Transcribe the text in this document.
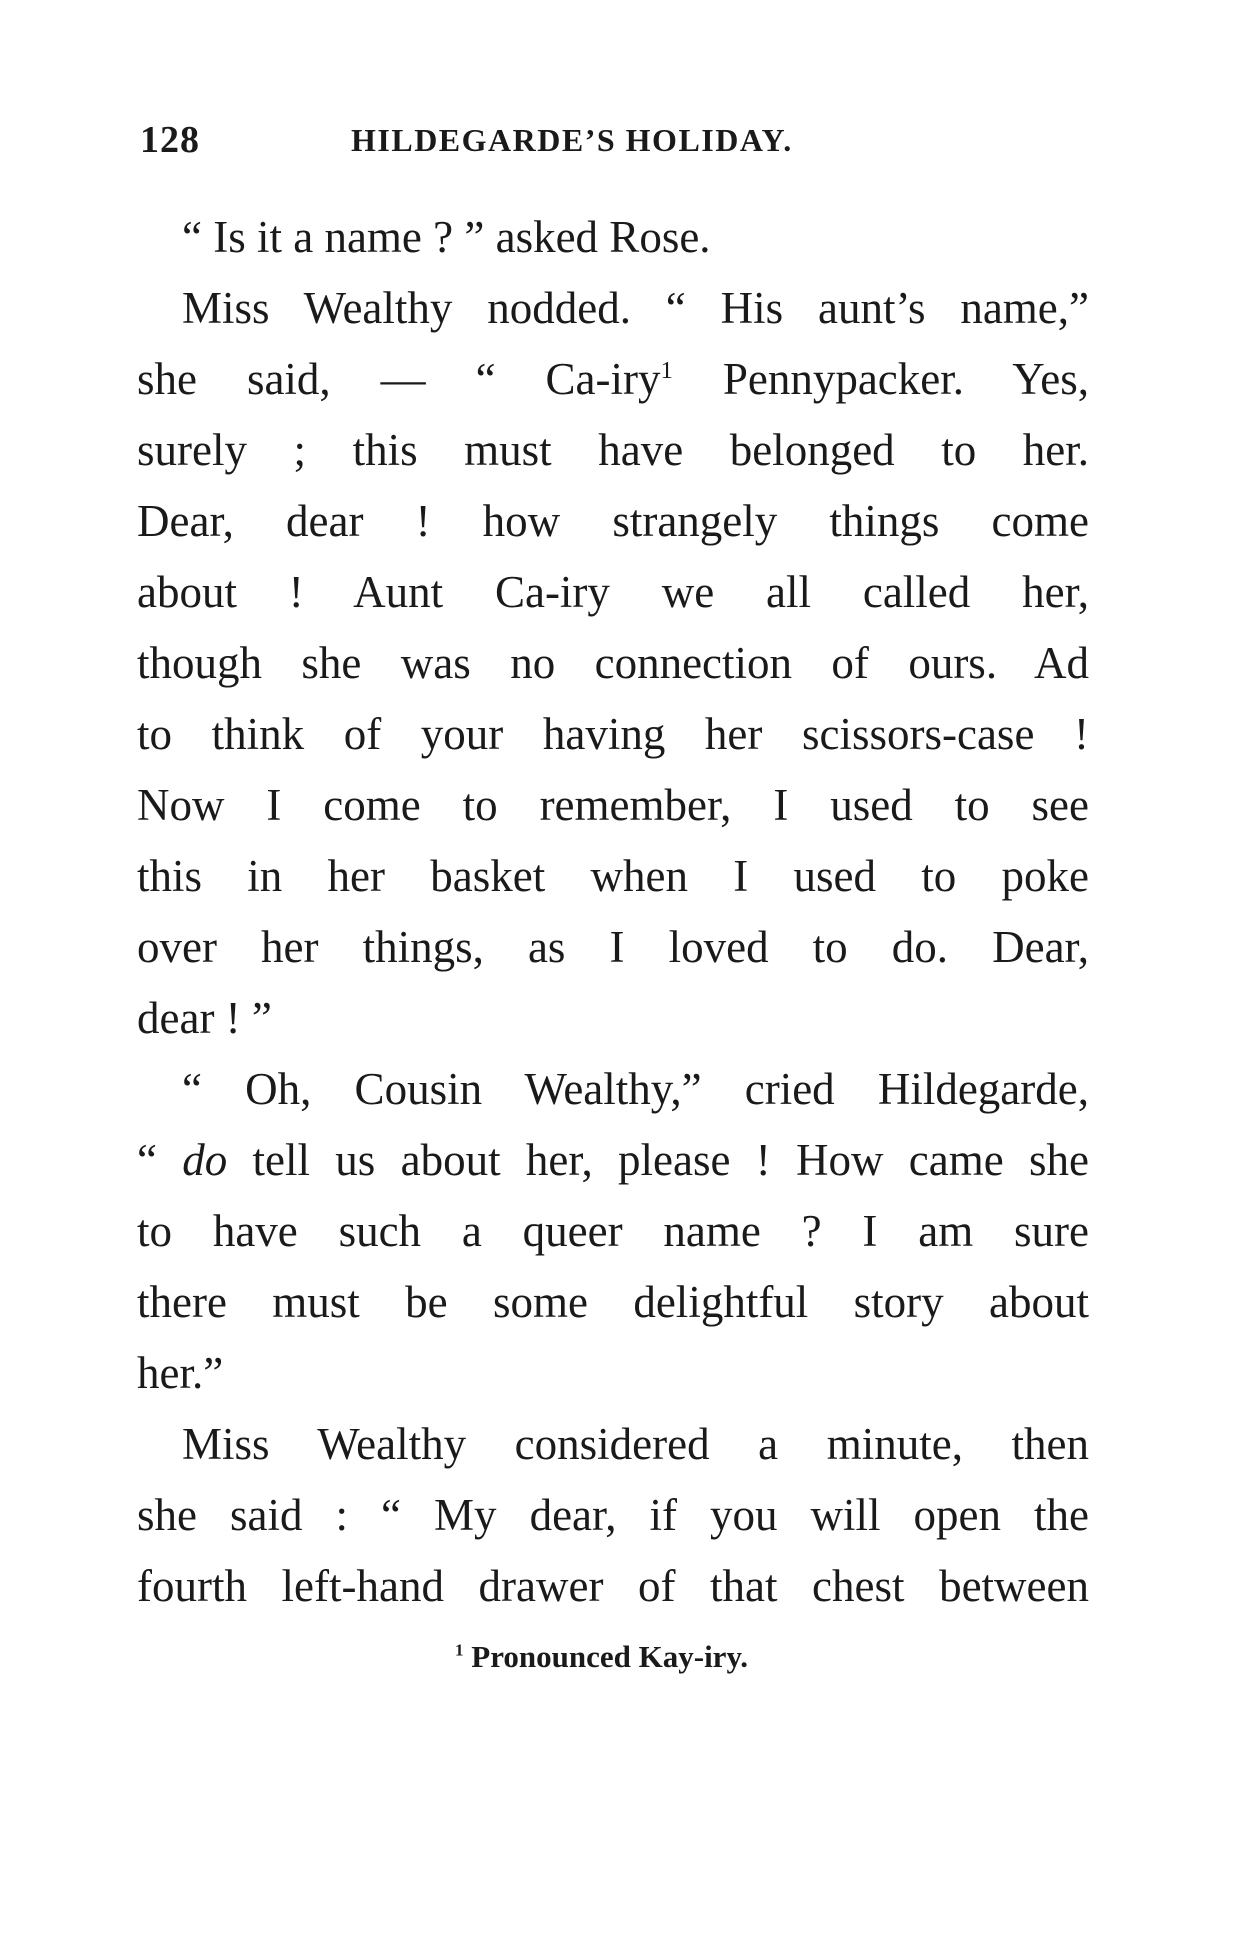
128	HILDEGARDE’S HOLIDAY.
“ Is it a name ? ” asked Rose.
Miss Wealthy nodded. “ His aunt’s name,”
she said, — “ Ca-iry$^1$ Pennypacker. Yes,
surely ; this must have belonged to her.
Dear, dear ! how strangely things come
about ! Aunt Ca-iry we all called her,
though she was no connection of ours. Ad
to think of your having her scissors-case !
Now I come to remember, I used to see
this in her basket when I used to poke
over her things, as I loved to do. Dear,
dear ! ”
“ Oh, Cousin Wealthy,” cried Hildegarde,
“ do tell us about her, please ! How came she
to have such a queer name ? I am sure
there must be some delightful story about
her.”
Miss Wealthy considered a minute, then
she said : “ My dear, if you will open the
fourth left-hand drawer of that chest between
$^1$ Pronounced Kay-iry.
